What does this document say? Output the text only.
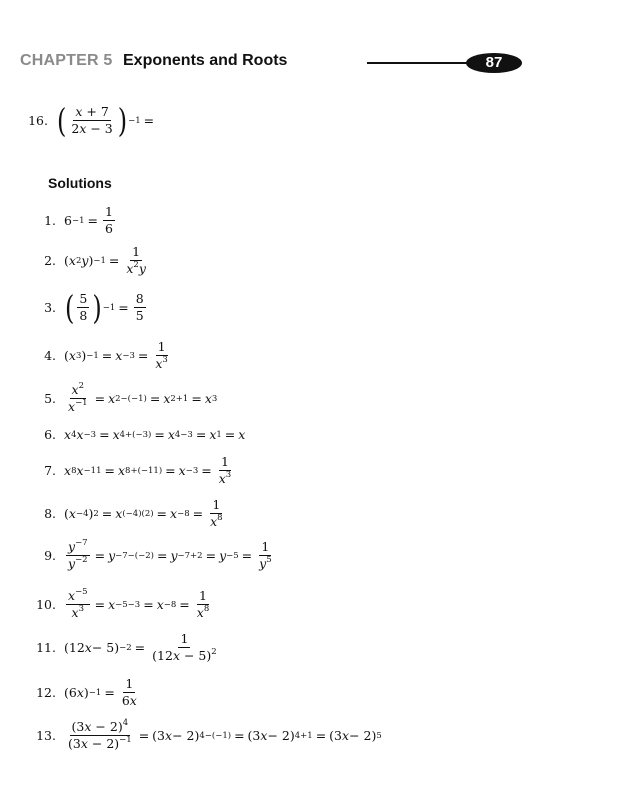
CHAPTER 5 Exponents and Roots	87
16. ( $\frac{x + 7}{2x - 3}$ ) −1 =
Solutions
1. $6 -1 = \frac{1}{6}$
2. ( x 2 y ) $-1 = \frac{1}{x^2y}$
3. ( $\frac{5}{8}$ ) $-1 = \frac{8}{5}$
4. ( x 3 ) $-1 = x -3 = \frac{1}{x^3}$
5. $\frac{x^2}{x^{-1}} = x$ 2−(−1) = x 2+1 = x 3
6. x 4 x −3 = x 4+(−3) = x 4−3 = x 1 = x
7. x 8 x −11 = x $8+(-11) = x -3 = \frac{1}{x^3}$
8. ( x −4 ) 2 = x $(-4)(2) = x -8 = \frac{1}{x^8}$
9. $\frac{y^{-7}}{y^{-2}} = y -7-(-2) = y -7+2 = y -5 = \frac{1}{y^5}$
10. $\frac{x^{-5}}{x^3} = x -5-3 = x -8 = \frac{1}{x^8}$
11. (12 $x - 5) -2 = \frac{1}{(12x - 5)^2}$
12. (6 x ) $-1 = \frac{1}{6x}$
13. $\frac{(3x - 2)^4}{(3x - 2)^{-1}} = (3$ x − 2) 4−(−1) = (3 x − 2) 4+1 = (3 x − 2) 5
